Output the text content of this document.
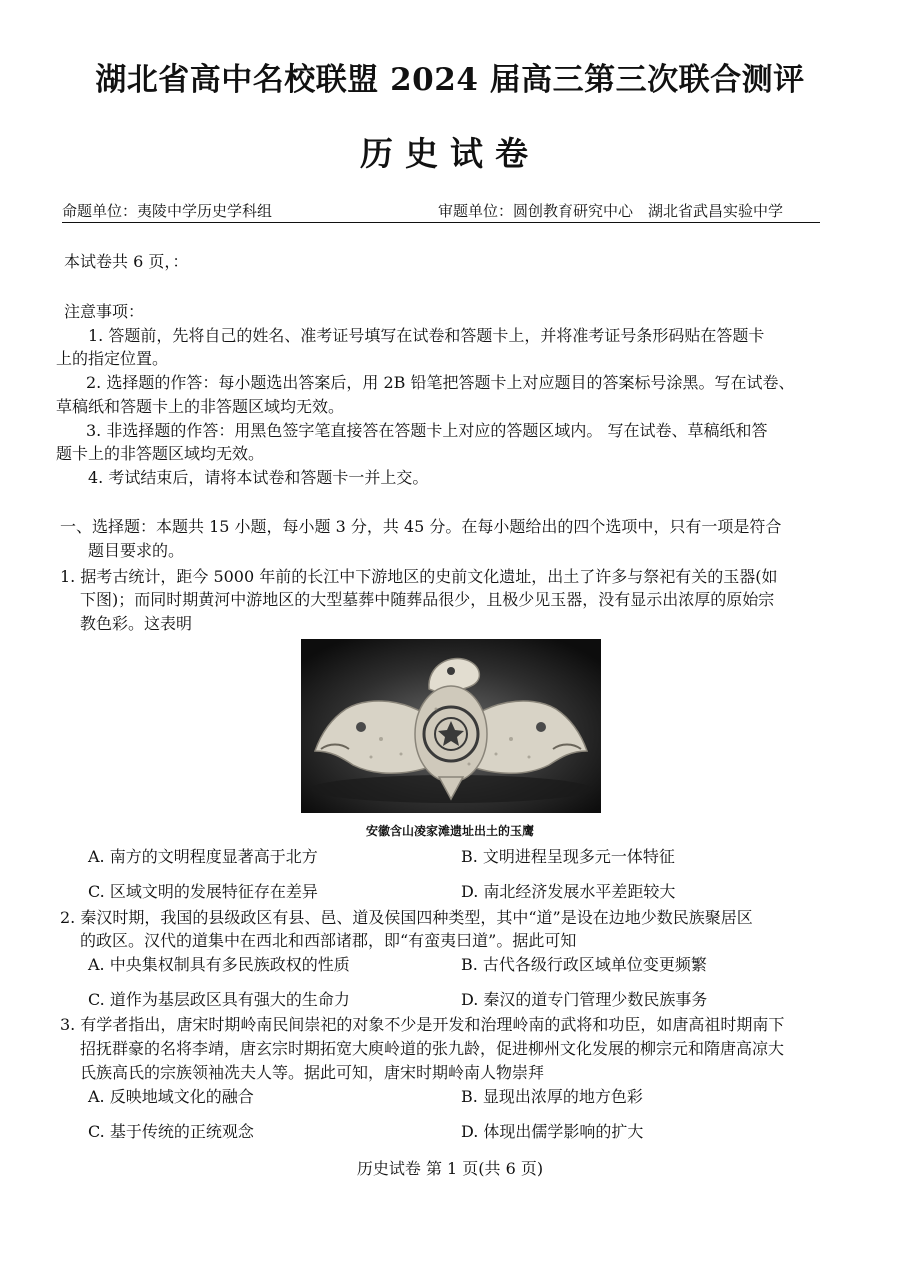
湖北省高中名校联盟 2024 届高三第三次联合测评
历史试卷
命题单位：夷陵中学历史学科组	审题单位：圆创教育研究中心　湖北省武昌实验中学
本试卷共 6 页，：
注意事项：
1. 答题前，先将自己的姓名、准考证号填写在试卷和答题卡上，并将准考证号条形码贴在答题卡
上的指定位置。
2. 选择题的作答：每小题选出答案后，用 2B 铅笔把答题卡上对应题目的答案标号涂黑。写在试卷、
草稿纸和答题卡上的非答题区域均无效。
3. 非选择题的作答：用黑色签字笔直接答在答题卡上对应的答题区域内。 写在试卷、草稿纸和答
题卡上的非答题区域均无效。
4. 考试结束后，请将本试卷和答题卡一并上交。
一、选择题：本题共 15 小题，每小题 3 分，共 45 分。在每小题给出的四个选项中，只有一项是符合
题目要求的。
1. 据考古统计，距今 5000 年前的长江中下游地区的史前文化遗址，出土了许多与祭祀有关的玉器(如
下图)；而同时期黄河中游地区的大型墓葬中随葬品很少，且极少见玉器，没有显示出浓厚的原始宗
教色彩。这表明
安徽含山凌家滩遗址出土的玉鹰
A. 南方的文明程度显著高于北方	B. 文明进程呈现多元一体特征
C. 区域文明的发展特征存在差异	D. 南北经济发展水平差距较大
2. 秦汉时期，我国的县级政区有县、邑、道及侯国四种类型，其中“道”是设在边地少数民族聚居区
的政区。汉代的道集中在西北和西部诸郡，即“有蛮夷曰道”。据此可知
A. 中央集权制具有多民族政权的性质	B. 古代各级行政区域单位变更频繁
C. 道作为基层政区具有强大的生命力	D. 秦汉的道专门管理少数民族事务
3. 有学者指出，唐宋时期岭南民间崇祀的对象不少是开发和治理岭南的武将和功臣，如唐高祖时期南下
招抚群豪的名将李靖，唐玄宗时期拓宽大庾岭道的张九龄，促进柳州文化发展的柳宗元和隋唐高凉大
氏族高氏的宗族领袖冼夫人等。据此可知，唐宋时期岭南人物崇拜
A. 反映地域文化的融合	B. 显现出浓厚的地方色彩
C. 基于传统的正统观念	D. 体现出儒学影响的扩大
历史试卷 第 1 页(共 6 页)
